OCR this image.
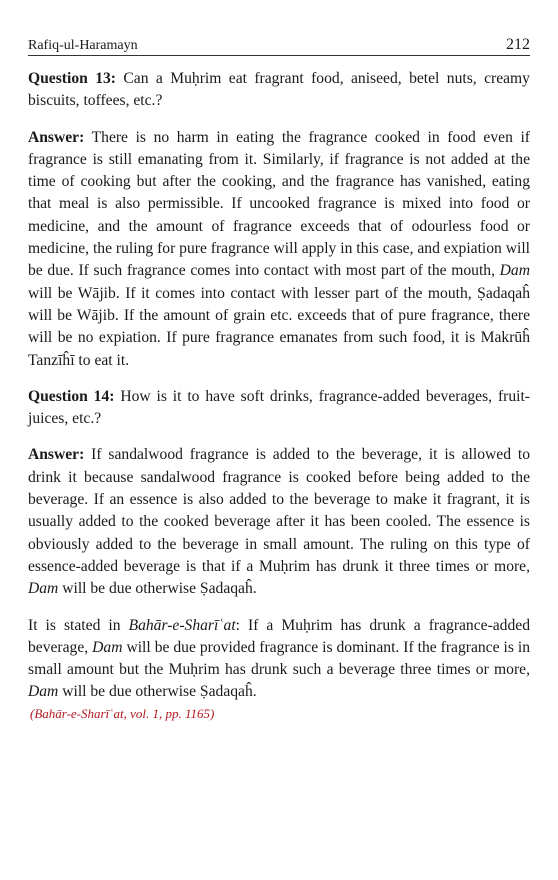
Rafiq-ul-Haramayn	212

Question 13: Can a Muḥrim eat fragrant food, aniseed, betel nuts, creamy biscuits, toffees, etc.?

Answer: There is no harm in eating the fragrance cooked in food even if fragrance is still emanating from it. Similarly, if fragrance is not added at the time of cooking but after the cooking, and the fragrance has vanished, eating that meal is also permissible. If uncooked fragrance is mixed into food or medicine, and the amount of fragrance exceeds that of odourless food or medicine, the ruling for pure fragrance will apply in this case, and expiation will be due. If such fragrance comes into contact with most part of the mouth, Dam will be Wājib. If it comes into contact with lesser part of the mouth, Ṣadaqaĥ will be Wājib. If the amount of grain etc. exceeds that of pure fragrance, there will be no expiation. If pure fragrance emanates from such food, it is Makrūĥ Tanzīĥī to eat it.

Question 14: How is it to have soft drinks, fragrance-added beverages, fruit-juices, etc.?

Answer: If sandalwood fragrance is added to the beverage, it is allowed to drink it because sandalwood fragrance is cooked before being added to the beverage. If an essence is also added to the beverage to make it fragrant, it is usually added to the cooked beverage after it has been cooled. The essence is obviously added to the beverage in small amount. The ruling on this type of essence-added beverage is that if a Muḥrim has drunk it three times or more, Dam will be due otherwise Ṣadaqaĥ.

It is stated in Bahār-e-Sharīʿat: If a Muḥrim has drunk a fragrance-added beverage, Dam will be due provided fragrance is dominant. If the fragrance is in small amount but the Muḥrim has drunk such a beverage three times or more, Dam will be due otherwise Ṣadaqaĥ.

(Bahār-e-Sharīʿat, vol. 1, pp. 1165)
